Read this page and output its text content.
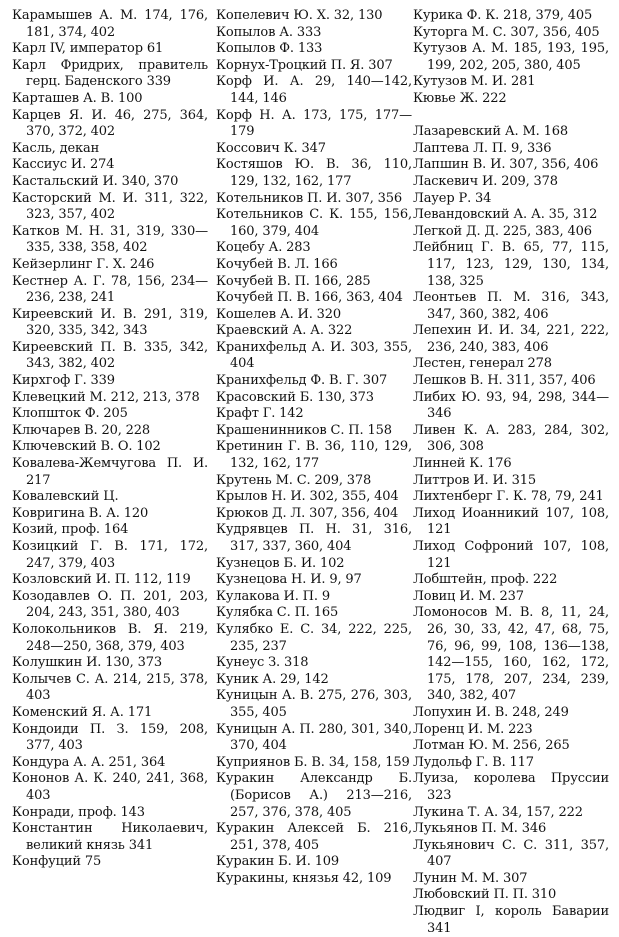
Карамышев А. М. 174, 176, 181, 374, 402
Карл IV, император 61
Карл Фридрих, правитель герц. Баденского 339
Карташев А. В. 100
Карцев Я. И. 46, 275, 364, 370, 372, 402
Касль, декан
Кассиус И. 274
Кастальский И. 340, 370
Касторский М. И. 311, 322, 323, 357, 402
Катков М. Н. 31, 319, 330—335, 338, 358, 402
Кейзерлинг Г. Х. 246
Кестнер А. Г. 78, 156, 234—236, 238, 241
Киреевский И. В. 291, 319, 320, 335, 342, 343
Киреевский П. В. 335, 342, 343, 382, 402
Кирхгоф Г. 339
Клевецкий М. 212, 213, 378
Клопшток Ф. 205
Ключарев В. 20, 228
Ключевский В. О. 102
Ковалева-Жемчугова П. И. 217
Ковалевский Ц.
Ковригина В. А. 120
Козий, проф. 164
Козицкий Г. В. 171, 172, 247, 379, 403
Козловский И. П. 112, 119
Козодавлев О. П. 201, 203, 204, 243, 351, 380, 403
Колокольников В. Я. 219, 248—250, 368, 379, 403
Колушкин И. 130, 373
Колычев С. А. 214, 215, 378, 403
Коменский Я. А. 171
Кондоиди П. З. 159, 208, 377, 403
Кондура А. А. 251, 364
Кононов А. К. 240, 241, 368, 403
Конради, проф. 143
Константин Николаевич, великий князь 341
Конфуций 75
Копелевич Ю. Х. 32, 130
Копылов А. 333
Копылов Ф. 133
Корнух-Троцкий П. Я. 307
Корф И. А. 29, 140—142, 144, 146
Корф Н. А. 173, 175, 177—179
Коссович К. 347
Костяшов Ю. В. 36, 110, 129, 132, 162, 177
Котельников П. И. 307, 356
Котельников С. К. 155, 156, 160, 379, 404
Коцебу А. 283
Кочубей В. Л. 166
Кочубей В. П. 166, 285
Кочубей П. В. 166, 363, 404
Кошелев А. И. 320
Краевский А. А. 322
Кранихфельд А. И. 303, 355, 404
Кранихфельд Ф. В. Г. 307
Красовский Б. 130, 373
Крафт Г. 142
Крашенинников С. П. 158
Кретинин Г. В. 36, 110, 129, 132, 162, 177
Крутень М. С. 209, 378
Крылов Н. И. 302, 355, 404
Крюков Д. Л. 307, 356, 404
Кудрявцев П. Н. 31, 316, 317, 337, 360, 404
Кузнецов Б. И. 102
Кузнецова Н. И. 9, 97
Кулакова И. П. 9
Кулябка С. П. 165
Кулябко Е. С. 34, 222, 225, 235, 237
Кунеус З. 318
Куник А. 29, 142
Куницын А. В. 275, 276, 303, 355, 405
Куницын А. П. 280, 301, 340, 370, 404
Куприянов Б. В. 34, 158, 159
Куракин Александр Б. (Борисов А.) 213—216, 257, 376, 378, 405
Куракин Алексей Б. 216, 251, 378, 405
Куракин Б. И. 109
Куракины, князья 42, 109
Курика Ф. К. 218, 379, 405
Куторга М. С. 307, 356, 405
Кутузов А. М. 185, 193, 195, 199, 202, 205, 380, 405
Кутузов М. И. 281
Кювье Ж. 222
Лазаревский А. М. 168
Лаптева Л. П. 9, 336
Лапшин В. И. 307, 356, 406
Ласкевич И. 209, 378
Лауер Р. 34
Левандовский А. А. 35, 312
Легкой Д. Д. 225, 383, 406
Лейбниц Г. В. 65, 77, 115, 117, 123, 129, 130, 134, 138, 325
Леонтьев П. М. 316, 343, 347, 360, 382, 406
Лепехин И. И. 34, 221, 222, 236, 240, 383, 406
Лестен, генерал 278
Лешков В. Н. 311, 357, 406
Либих Ю. 93, 94, 298, 344—346
Ливен К. А. 283, 284, 302, 306, 308
Линней К. 176
Литтров И. И. 315
Лихтенберг Г. К. 78, 79, 241
Лиход Иоанникий 107, 108, 121
Лиход Софроний 107, 108, 121
Лобштейн, проф. 222
Ловиц И. М. 237
Ломоносов М. В. 8, 11, 24, 26, 30, 33, 42, 47, 68, 75, 76, 96, 99, 108, 136—138, 142—155, 160, 162, 172, 175, 178, 207, 234, 239, 340, 382, 407
Лопухин И. В. 248, 249
Лоренц И. М. 223
Лотман Ю. М. 256, 265
Лудольф Г. В. 117
Луиза, королева Пруссии 323
Лукина Т. А. 34, 157, 222
Лукьянов П. М. 346
Лукьянович С. С. 311, 357, 407
Лунин М. М. 307
Любовский П. П. 310
Людвиг I, король Баварии 341
